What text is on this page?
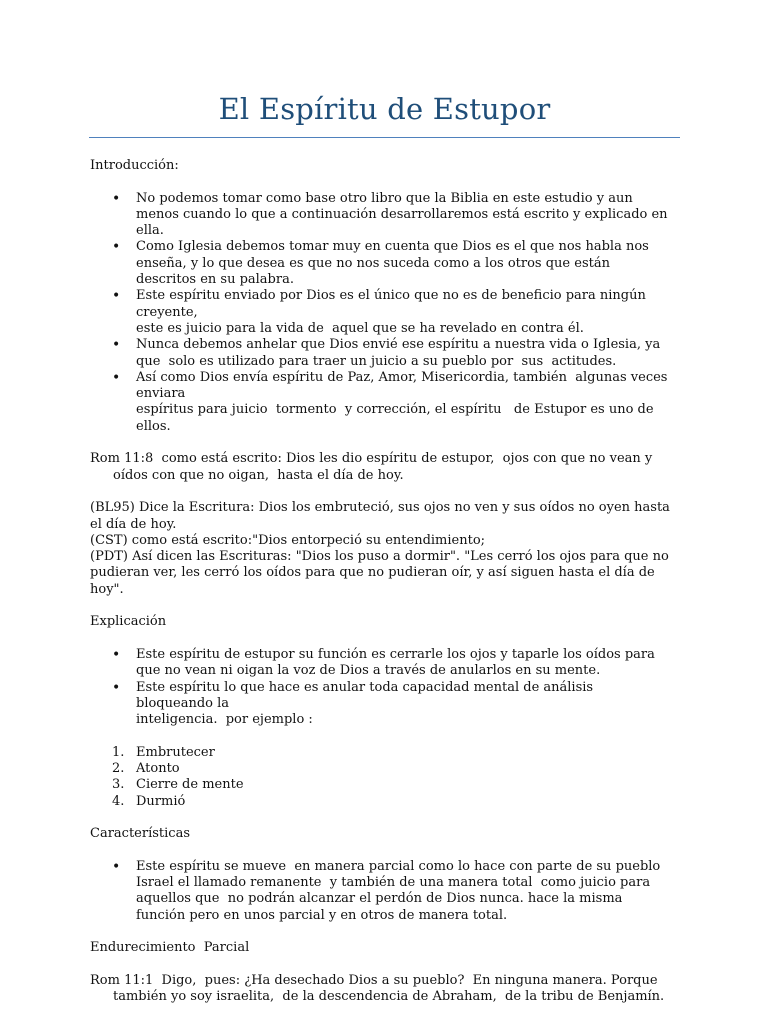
El Espíritu de Estupor

Introducción:

• No podemos tomar como base otro libro que la Biblia en este estudio y aun menos cuando lo que a continuación desarrollaremos está escrito y explicado en ella.
• Como Iglesia debemos tomar muy en cuenta que Dios es el que nos habla nos enseña, y lo que desea es que no nos suceda como a los otros que están descritos en su palabra.
• Este espíritu enviado por Dios es el único que no es de beneficio para ningún creyente,
este es juicio para la vida de  aquel que se ha revelado en contra él.
• Nunca debemos anhelar que Dios envié ese espíritu a nuestra vida o Iglesia, ya que  solo es utilizado para traer un juicio a su pueblo por  sus  actitudes.
• Así como Dios envía espíritu de Paz, Amor, Misericordia, también  algunas veces enviara
espíritus para juicio  tormento  y corrección, el espíritu   de Estupor es uno de ellos.

Rom 11:8  como está escrito: Dios les dio espíritu de estupor,  ojos con que no vean y oídos con que no oigan,  hasta el día de hoy.

(BL95) Dice la Escritura: Dios los embruteció, sus ojos no ven y sus oídos no oyen hasta el día de hoy.

(CST) como está escrito:"Dios entorpeció su entendimiento;

(PDT) Así dicen las Escrituras: "Dios los puso a dormir". "Les cerró los ojos para que no pudieran ver, les cerró los oídos para que no pudieran oír, y así siguen hasta el día de hoy".

Explicación

• Este espíritu de estupor su función es cerrarle los ojos y taparle los oídos para que no vean ni oigan la voz de Dios a través de anularlos en su mente.
• Este espíritu lo que hace es anular toda capacidad mental de análisis bloqueando la
inteligencia.  por ejemplo :
1. Embrutecer
2. Atonto
3. Cierre de mente
4. Durmió

Características

• Este espíritu se mueve  en manera parcial como lo hace con parte de su pueblo Israel el llamado remanente  y también de una manera total  como juicio para aquellos que  no podrán alcanzar el perdón de Dios nunca. hace la misma función pero en unos parcial y en otros de manera total.

Endurecimiento  Parcial

Rom 11:1  Digo,  pues: ¿Ha desechado Dios a su pueblo?  En ninguna manera. Porque también yo soy israelita,  de la descendencia de Abraham,  de la tribu de Benjamín.
